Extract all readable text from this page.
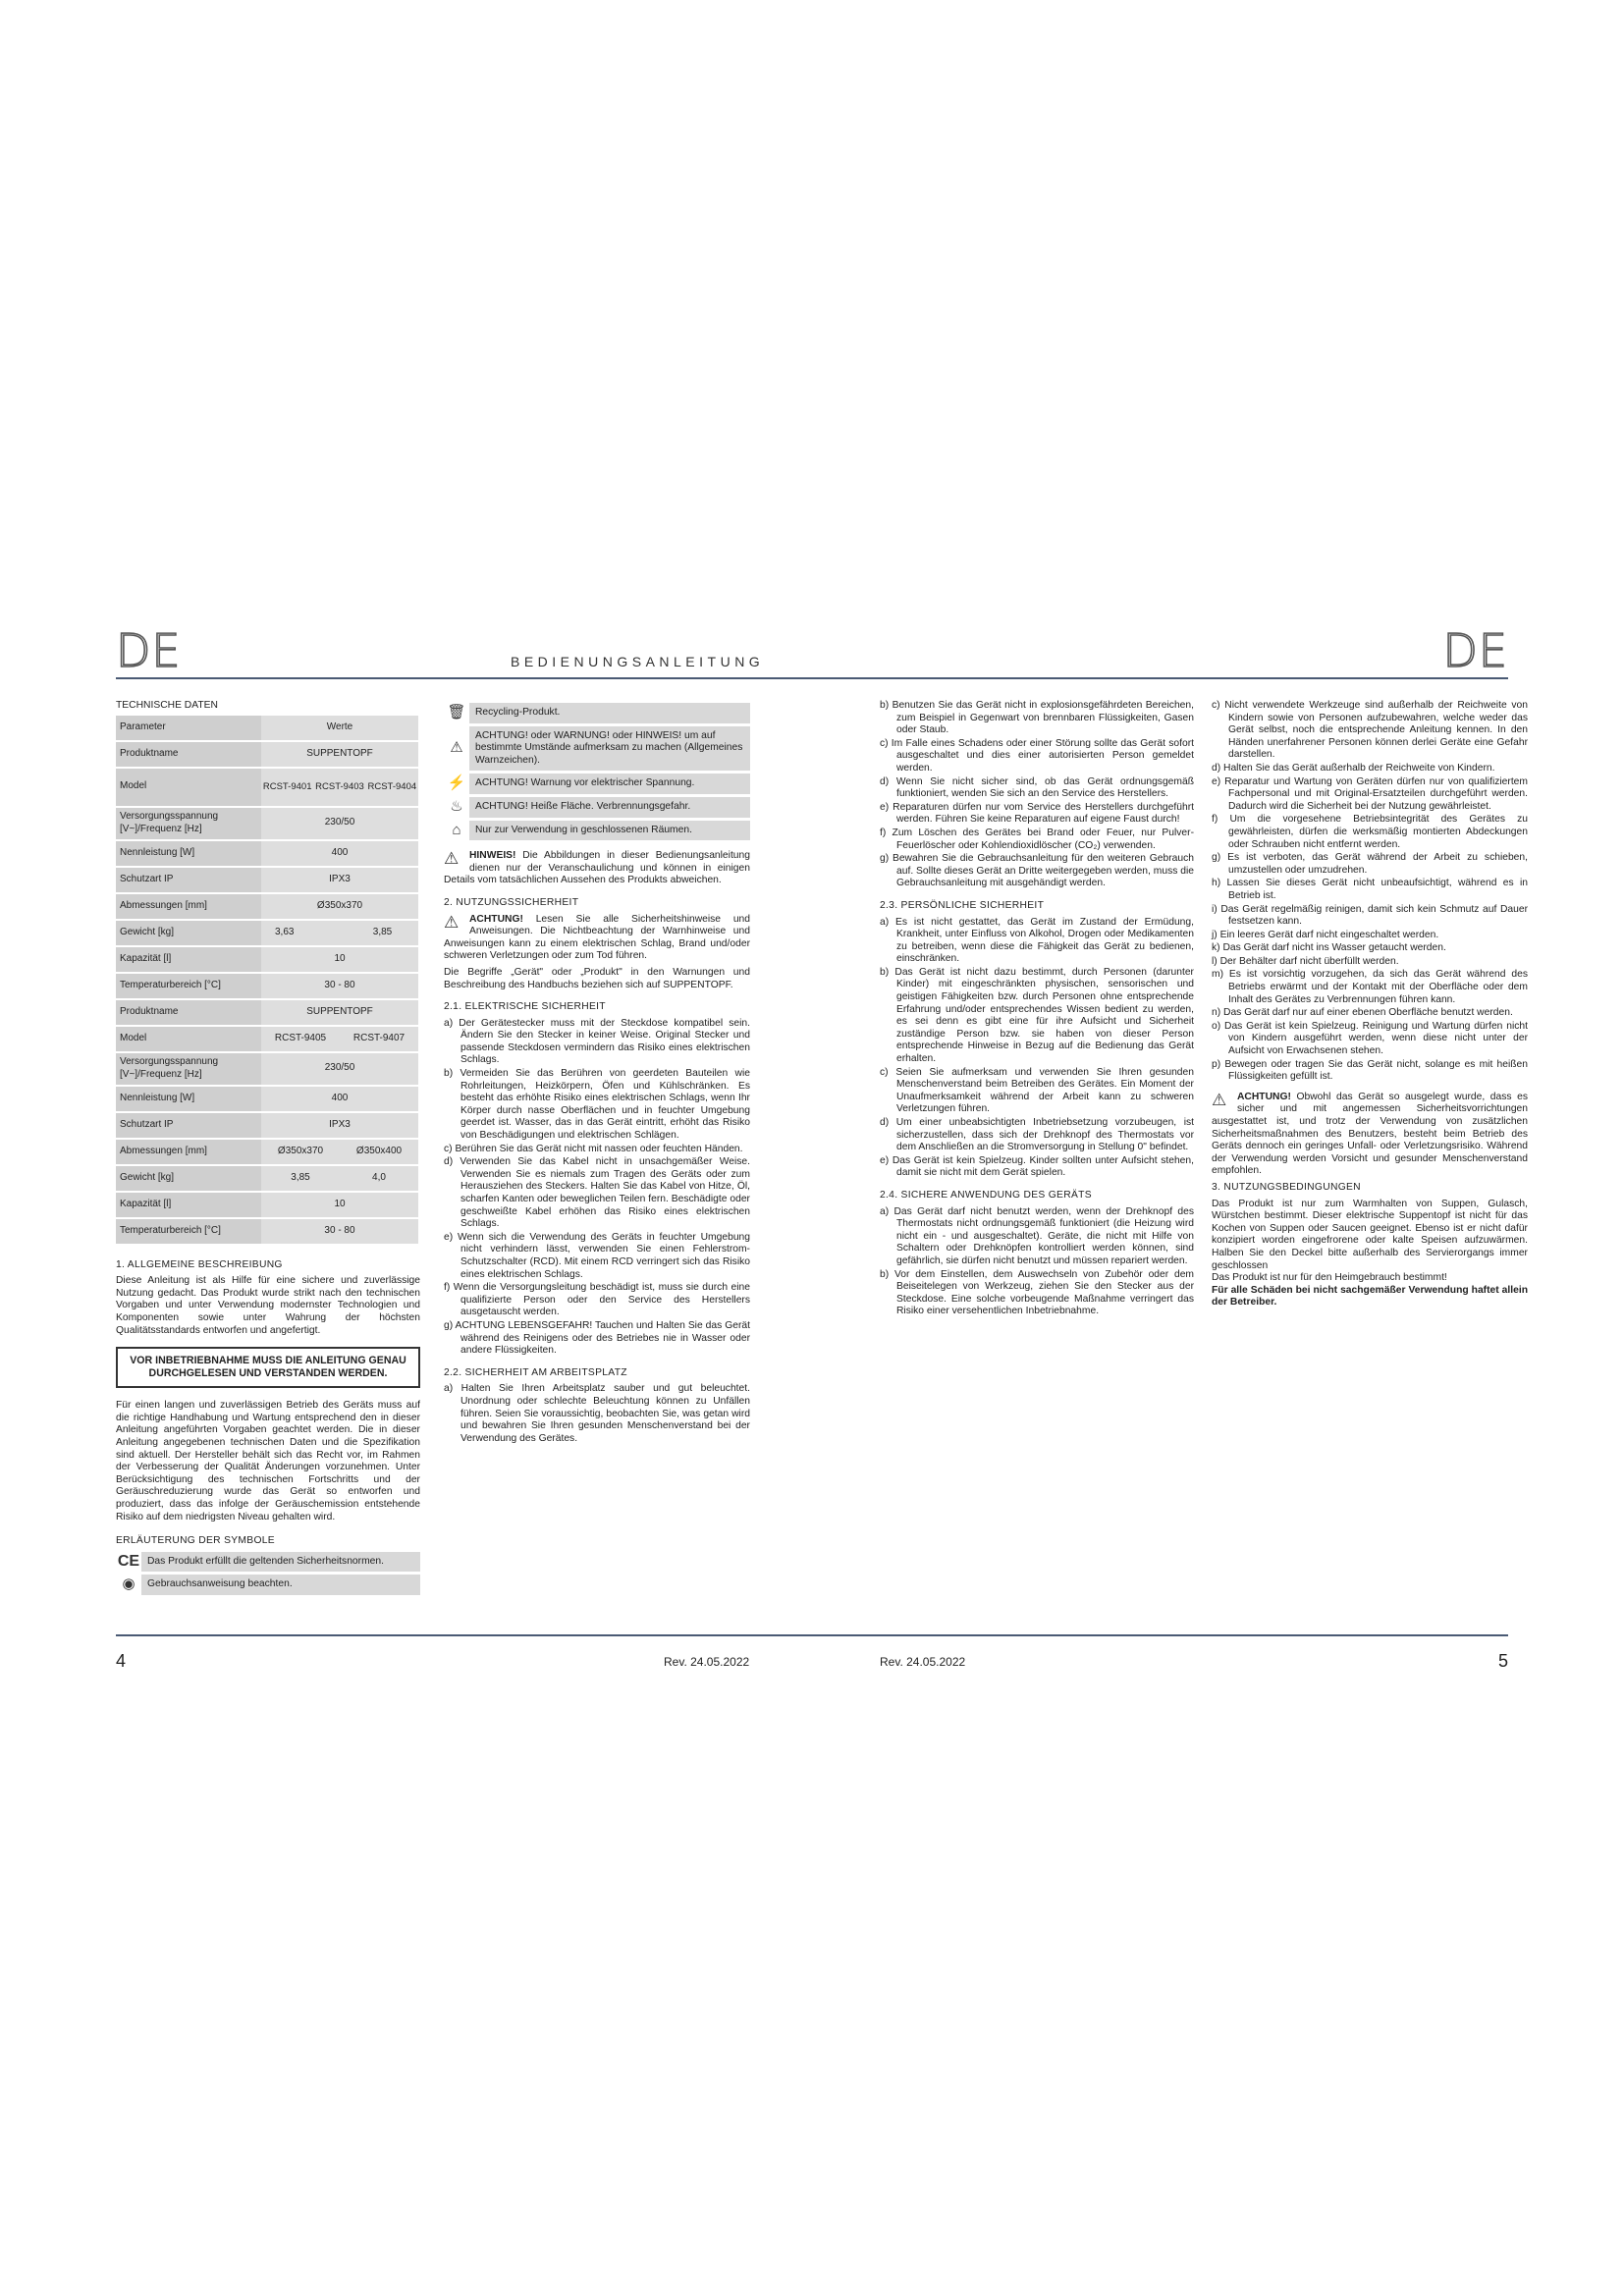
DE	BEDIENUNGSANLEITUNG	DE
TECHNISCHE DATEN
Parameter	Werte
Produktname	SUPPENTOPF
Model	RCST-9401 RCST-9403 RCST-9404

Versorgungsspannung [V~]/Frequenz [Hz]	230/50
Nennleistung [W]	400
Schutzart IP	IPX3
Abmessungen [mm]	Ø350x370
Gewicht [kg]	3,63 3,85

Kapazität [l]	10
Temperaturbereich [°C]	30 - 80
Produktname	SUPPENTOPF
Model	RCST-9405 RCST-9407

Versorgungsspannung [V~]/Frequenz [Hz]	230/50
Nennleistung [W]	400
Schutzart IP	IPX3
Abmessungen [mm]	Ø350x370 Ø350x400

Gewicht [kg]	3,85 4,0

Kapazität [l]	10
Temperaturbereich [°C]	30 - 80
1. ALLGEMEINE BESCHREIBUNG

Diese Anleitung ist als Hilfe für eine sichere und zuverlässige Nutzung gedacht. Das Produkt wurde strikt nach den technischen Vorgaben und unter Verwendung modernster Technologien und Komponenten sowie unter Wahrung der höchsten Qualitätsstandards entworfen und angefertigt.

VOR INBETRIEBNAHME MUSS DIE ANLEITUNG GENAU DURCHGELESEN UND VERSTANDEN WERDEN.

Für einen langen und zuverlässigen Betrieb des Geräts muss auf die richtige Handhabung und Wartung entsprechend den in dieser Anleitung angeführten Vorgaben geachtet werden. Die in dieser Anleitung angegebenen technischen Daten und die Spezifikation sind aktuell. Der Hersteller behält sich das Recht vor, im Rahmen der Verbesserung der Qualität Änderungen vorzunehmen. Unter Berücksichtigung des technischen Fortschritts und der Geräuschreduzierung wurde das Gerät so entworfen und produziert, dass das infolge der Geräuschemission entstehende Risiko auf dem niedrigsten Niveau gehalten wird.

ERLÄUTERUNG DER SYMBOLE
CE Das Produkt erfüllt die geltenden Sicherheitsnormen.
◉	Gebrauchsanweisung beachten.
🗑 Recycling-Produkt.
⚠
ACHTUNG! oder WARNUNG! oder HINWEIS! um auf bestimmte Umstände aufmerksam zu machen (Allgemeines Warnzeichen).
⚡ ACHTUNG! Warnung vor elektrischer Spannung.
♨	ACHTUNG! Heiße Fläche. Verbrennungsgefahr.
⌂	Nur zur Verwendung in geschlossenen Räumen.

⚠	HINWEIS! Die Abbildungen in dieser Bedienungsanleitung dienen nur der Veranschaulichung und können in einigen Details vom tatsächlichen Aussehen des Produkts abweichen.

2. NUTZUNGSSICHERHEIT

⚠	ACHTUNG! Lesen Sie alle Sicherheitshinweise und Anweisungen. Die Nichtbeachtung der Warnhinweise und Anweisungen kann zu einem elektrischen Schlag, Brand und/oder schweren Verletzungen oder zum Tod führen.

Die Begriffe „Gerät" oder „Produkt" in den Warnungen und Beschreibung des Handbuchs beziehen sich auf SUPPENTOPF.

2.1. ELEKTRISCHE SICHERHEIT
a) Der Gerätestecker muss mit der Steckdose kompatibel sein. Ändern Sie den Stecker in keiner Weise. Original Stecker und passende Steckdosen vermindern das Risiko eines elektrischen Schlags.
b) Vermeiden Sie das Berühren von geerdeten Bauteilen wie Rohrleitungen, Heizkörpern, Öfen und Kühlschränken. Es besteht das erhöhte Risiko eines elektrischen Schlags, wenn Ihr Körper durch nasse Oberflächen und in feuchter Umgebung geerdet ist. Wasser, das in das Gerät eintritt, erhöht das Risiko von Beschädigungen und elektrischen Schlägen.
c) Berühren Sie das Gerät nicht mit nassen oder feuchten Händen.
d) Verwenden Sie das Kabel nicht in unsachgemäßer Weise. Verwenden Sie es niemals zum Tragen des Geräts oder zum Herausziehen des Steckers. Halten Sie das Kabel von Hitze, Öl, scharfen Kanten oder beweglichen Teilen fern. Beschädigte oder geschweißte Kabel erhöhen das Risiko eines elektrischen Schlags.
e) Wenn sich die Verwendung des Geräts in feuchter Umgebung nicht verhindern lässt, verwenden Sie einen Fehlerstrom-Schutzschalter (RCD). Mit einem RCD verringert sich das Risiko eines elektrischen Schlags.
f) Wenn die Versorgungsleitung beschädigt ist, muss sie durch eine qualifizierte Person oder den Service des Herstellers ausgetauscht werden.
g) ACHTUNG LEBENSGEFAHR! Tauchen und Halten Sie das Gerät während des Reinigens oder des Betriebes nie in Wasser oder andere Flüssigkeiten.
2.2. SICHERHEIT AM ARBEITSPLATZ
a) Halten Sie Ihren Arbeitsplatz sauber und gut beleuchtet. Unordnung oder schlechte Beleuchtung können zu Unfällen führen. Seien Sie voraussichtig, beobachten Sie, was getan wird und bewahren Sie Ihren gesunden Menschenverstand bei der Verwendung des Gerätes.
b) Benutzen Sie das Gerät nicht in explosionsgefährdeten Bereichen, zum Beispiel in Gegenwart von brennbaren Flüssigkeiten, Gasen oder Staub.
c) Im Falle eines Schadens oder einer Störung sollte das Gerät sofort ausgeschaltet und dies einer autorisierten Person gemeldet werden.
d) Wenn Sie nicht sicher sind, ob das Gerät ordnungsgemäß funktioniert, wenden Sie sich an den Service des Herstellers.
e) Reparaturen dürfen nur vom Service des Herstellers durchgeführt werden. Führen Sie keine Reparaturen auf eigene Faust durch!
f) Zum Löschen des Gerätes bei Brand oder Feuer, nur Pulver-Feuerlöscher oder Kohlendioxidlöscher (CO₂) verwenden.
g) Bewahren Sie die Gebrauchsanleitung für den weiteren Gebrauch auf. Sollte dieses Gerät an Dritte weitergegeben werden, muss die Gebrauchsanleitung mit ausgehändigt werden.
2.3. PERSÖNLICHE SICHERHEIT
a) Es ist nicht gestattet, das Gerät im Zustand der Ermüdung, Krankheit, unter Einfluss von Alkohol, Drogen oder Medikamenten zu betreiben, wenn diese die Fähigkeit das Gerät zu bedienen, einschränken.
b) Das Gerät ist nicht dazu bestimmt, durch Personen (darunter Kinder) mit eingeschränkten physischen, sensorischen und geistigen Fähigkeiten bzw. durch Personen ohne entsprechende Erfahrung und/oder entsprechendes Wissen bedient zu werden, es sei denn es gibt eine für ihre Aufsicht und Sicherheit zuständige Person bzw. sie haben von dieser Person entsprechende Hinweise in Bezug auf die Bedienung das Gerät erhalten.
c) Seien Sie aufmerksam und verwenden Sie Ihren gesunden Menschenverstand beim Betreiben des Gerätes. Ein Moment der Unaufmerksamkeit während der Arbeit kann zu schweren Verletzungen führen.
d) Um einer unbeabsichtigten Inbetriebsetzung vorzubeugen, ist sicherzustellen, dass sich der Drehknopf des Thermostats vor dem Anschließen an die Stromversorgung in Stellung 0" befindet.
e) Das Gerät ist kein Spielzeug. Kinder sollten unter Aufsicht stehen, damit sie nicht mit dem Gerät spielen.
2.4. SICHERE ANWENDUNG DES GERÄTS
a) Das Gerät darf nicht benutzt werden, wenn der Drehknopf des Thermostats nicht ordnungsgemäß funktioniert (die Heizung wird nicht ein - und ausgeschaltet). Geräte, die nicht mit Hilfe von Schaltern oder Drehknöpfen kontrolliert werden können, sind gefährlich, sie dürfen nicht benutzt und müssen repariert werden.
b) Vor dem Einstellen, dem Auswechseln von Zubehör oder dem Beiseitelegen von Werkzeug, ziehen Sie den Stecker aus der Steckdose. Eine solche vorbeugende Maßnahme verringert das Risiko einer versehentlichen Inbetriebnahme.
c) Nicht verwendete Werkzeuge sind außerhalb der Reichweite von Kindern sowie von Personen aufzubewahren, welche weder das Gerät selbst, noch die entsprechende Anleitung kennen. In den Händen unerfahrener Personen können derlei Geräte eine Gefahr darstellen.
d) Halten Sie das Gerät außerhalb der Reichweite von Kindern.
e) Reparatur und Wartung von Geräten dürfen nur von qualifiziertem Fachpersonal und mit Original-Ersatzteilen durchgeführt werden. Dadurch wird die Sicherheit bei der Nutzung gewährleistet.
f) Um die vorgesehene Betriebsintegrität des Gerätes zu gewährleisten, dürfen die werksmäßig montierten Abdeckungen oder Schrauben nicht entfernt werden.
g) Es ist verboten, das Gerät während der Arbeit zu schieben, umzustellen oder umzudrehen.
h) Lassen Sie dieses Gerät nicht unbeaufsichtigt, während es in Betrieb ist.
i) Das Gerät regelmäßig reinigen, damit sich kein Schmutz auf Dauer festsetzen kann.
j) Ein leeres Gerät darf nicht eingeschaltet werden.
k) Das Gerät darf nicht ins Wasser getaucht werden.
l) Der Behälter darf nicht überfüllt werden.
m) Es ist vorsichtig vorzugehen, da sich das Gerät während des Betriebs erwärmt und der Kontakt mit der Oberfläche oder dem Inhalt des Gerätes zu Verbrennungen führen kann.
n) Das Gerät darf nur auf einer ebenen Oberfläche benutzt werden.
o) Das Gerät ist kein Spielzeug. Reinigung und Wartung dürfen nicht von Kindern ausgeführt werden, wenn diese nicht unter der Aufsicht von Erwachsenen stehen.
p) Bewegen oder tragen Sie das Gerät nicht, solange es mit heißen Flüssigkeiten gefüllt ist.

⚠	ACHTUNG! Obwohl das Gerät so ausgelegt wurde, dass es sicher und mit angemessen Sicherheitsvorrichtungen ausgestattet ist, und trotz der Verwendung von zusätzlichen Sicherheitsmaßnahmen des Benutzers, besteht beim Betrieb des Geräts dennoch ein geringes Unfall- oder Verletzungsrisiko. Während der Verwendung werden Vorsicht und gesunder Menschenverstand empfohlen.

3. NUTZUNGSBEDINGUNGEN

Das Produkt ist nur zum Warmhalten von Suppen, Gulasch, Würstchen bestimmt. Dieser elektrische Suppentopf ist nicht für das Kochen von Suppen oder Saucen geeignet. Ebenso ist er nicht dafür konzipiert worden eingefrorene oder kalte Speisen aufzuwärmen. Halben Sie den Deckel bitte außerhalb des Servierorgangs immer geschlossen

Das Produkt ist nur für den Heimgebrauch bestimmt!

Für alle Schäden bei nicht sachgemäßer Verwendung haftet allein der Betreiber.

4	Rev. 24.05.2022	Rev. 24.05.2022	5
